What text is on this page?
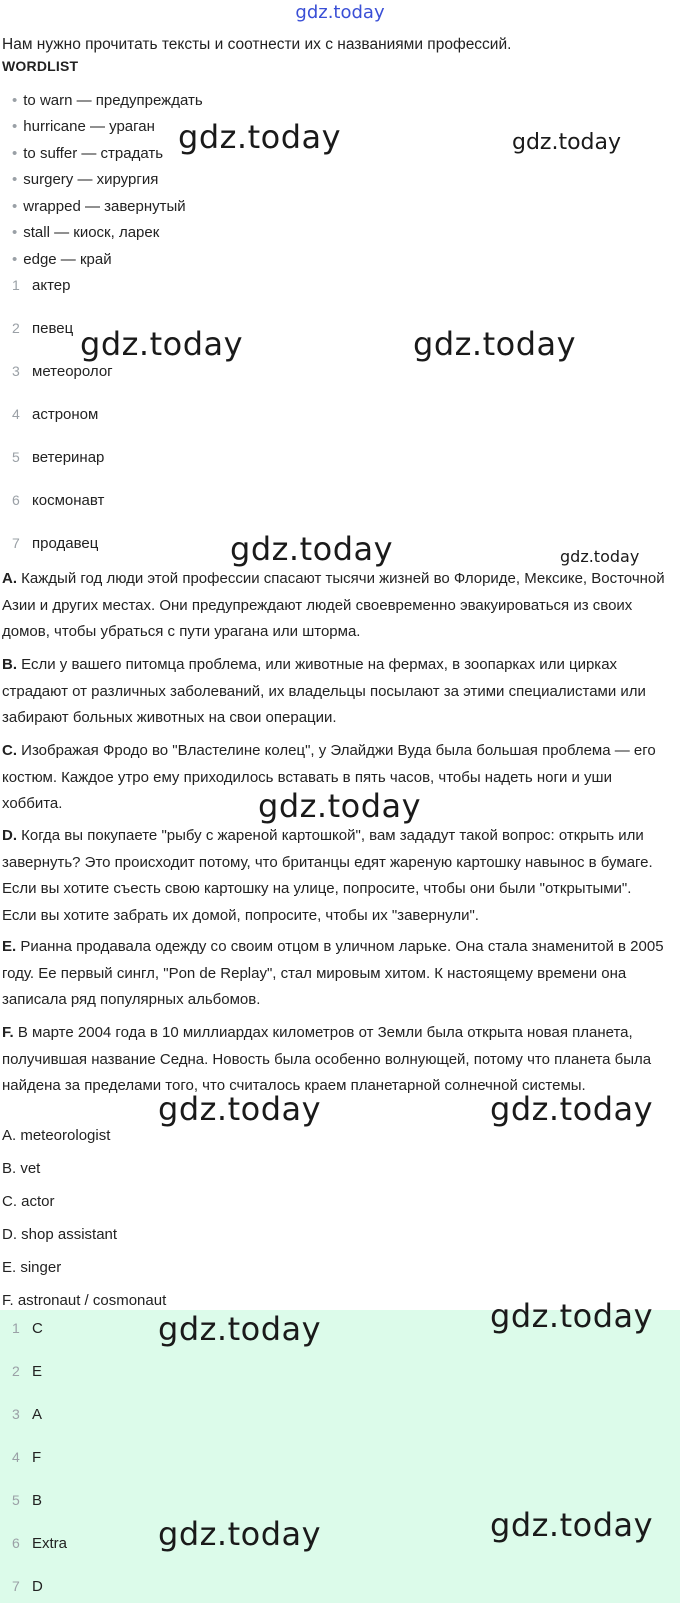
gdz.today
Нам нужно прочитать тексты и соотнести их с названиями профессий.
WORDLIST
• to warn — предупреждать
• hurricane — ураган
• to suffer — страдать
• surgery — хирургия
• wrapped — завернутый
• stall — киоск, ларек
• edge — край
1 актер
2 певец
3 метеоролог
4 астроном
5 ветеринар
6 космонавт
7 продавец
A. Каждый год люди этой профессии спасают тысячи жизней во Флориде, Мексике, Восточной Азии и других местах. Они предупреждают людей своевременно эвакуироваться из своих домов, чтобы убраться с пути урагана или шторма.
B. Если у вашего питомца проблема, или животные на фермах, в зоопарках или цирках страдают от различных заболеваний, их владельцы посылают за этими специалистами или забирают больных животных на свои операции.
C. Изображая Фродо во "Властелине колец", у Элайджи Вуда была большая проблема — его костюм. Каждое утро ему приходилось вставать в пять часов, чтобы надеть ноги и уши хоббита.
D. Когда вы покупаете "рыбу с жареной картошкой", вам зададут такой вопрос: открыть или завернуть? Это происходит потому, что британцы едят жареную картошку навынос в бумаге. Если вы хотите съесть свою картошку на улице, попросите, чтобы они были "открытыми". Если вы хотите забрать их домой, попросите, чтобы их "завернули".
E. Рианна продавала одежду со своим отцом в уличном ларьке. Она стала знаменитой в 2005 году. Ее первый сингл, "Pon de Replay", стал мировым хитом. К настоящему времени она записала ряд популярных альбомов.
F. В марте 2004 года в 10 миллиардах километров от Земли была открыта новая планета, получившая название Седна. Новость была особенно волнующей, потому что планета была найдена за пределами того, что считалось краем планетарной солнечной системы.
A. meteorologist
B. vet
C. actor
D. shop assistant
E. singer
F. astronaut / cosmonaut
1 C
2 E
3 A
4 F
5 B
6 Extra
7 D
gdz.today	gdz.today
gdz.today	gdz.today
gdz.today	gdz.today
gdz.today
gdz.today	gdz.today
gdz.today
gdz.today
gdz.today	gdz.today
